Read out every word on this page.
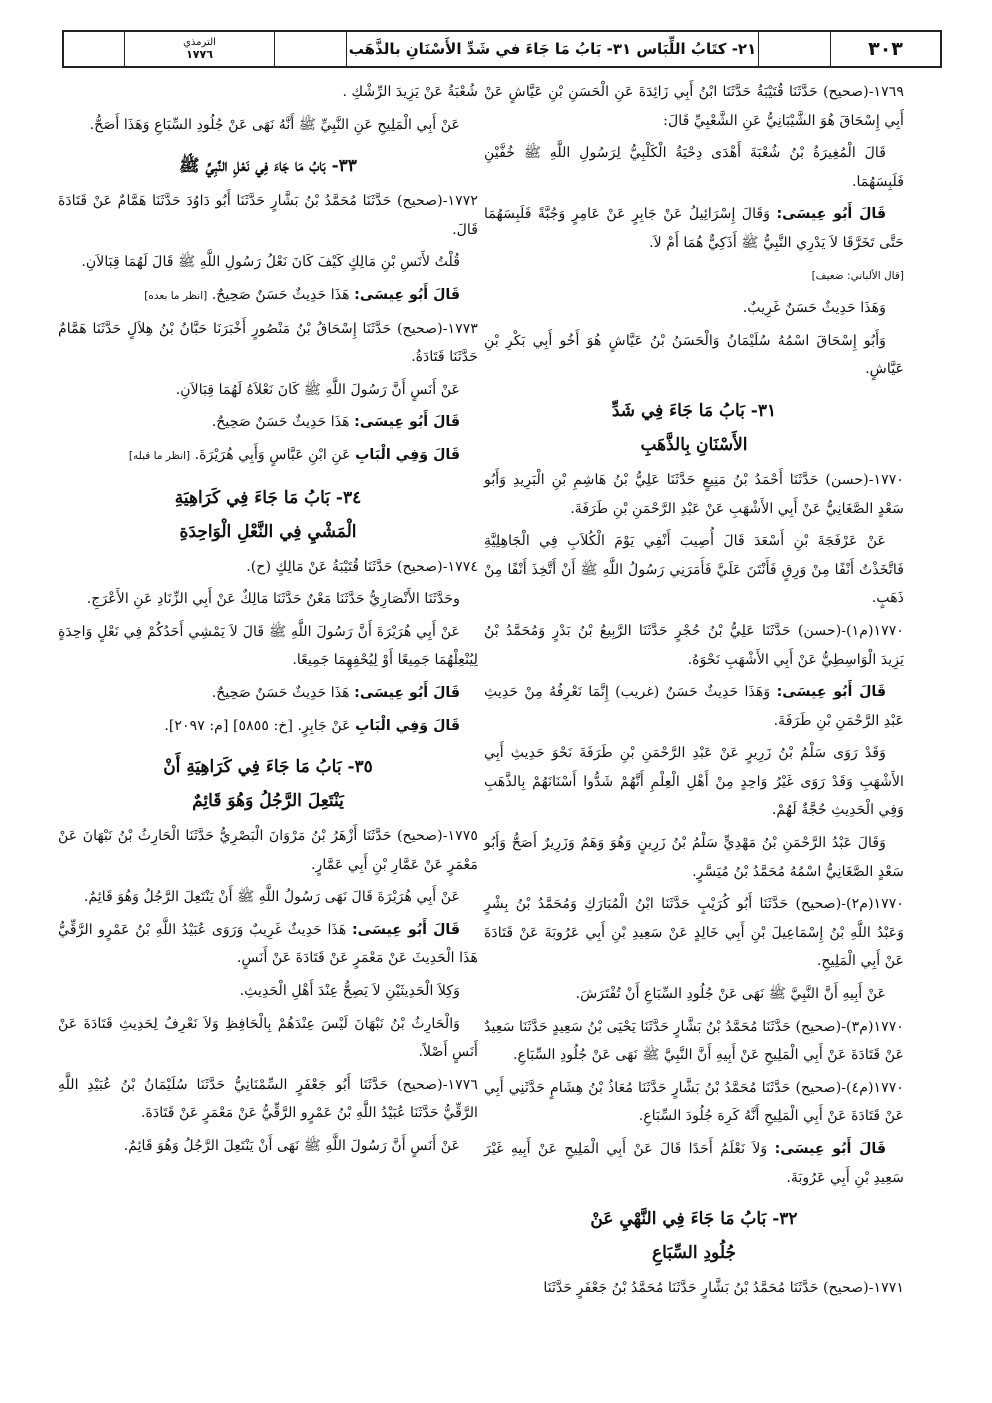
٣٠٣
٢١- كتَابُ اللِّبَاس ٣١- بَابُ مَا جَاءَ في شَدِّ الأَسْنَانِ بالذَّهَب
الترمذي
١٧٧٦

١٧٦٩-(صحيح) حَدَّثَنَا قُتَيْبَةُ حَدَّثَنَا ابْنُ أَبِي زَائِدَةَ عَنِ الْحَسَنِ بْنِ عَيَّاشٍ عَنْ أَبِي إِسْحَاقَ هُوَ الشَّيْبَانِيُّ عَنِ الشَّعْبِيِّ قَالَ:

قَالَ الْمُغِيرَةُ بْنُ شُعْبَةَ أَهْدَى دِحْيَةُ الْكَلْبِيُّ لِرَسُولِ اللَّهِ ﷺ خُفَّيْنِ فَلَبِسَهُمَا.

قَالَ أَبُو عِيسَى: وَقَالَ إِسْرَائِيلُ عَنْ جَابِرٍ عَنْ عَامِرٍ وَجُبَّةً فَلَبِسَهُمَا حَتَّى تَخَرَّقَا لاَ يَدْرِي النَّبِيُّ ﷺ أَذَكِيٌّ هُمَا أَمْ لاَ.

[قال الألباني: ضعيف]

وَهَذَا حَدِيثٌ حَسَنٌ غَرِيبٌ.

وَأَبُو إِسْحَاقَ اسْمُهُ سُلَيْمَانُ وَالْحَسَنُ بْنُ عَيَّاشٍ هُوَ أَخُو أَبِي بَكْرِ بْنِ عَيَّاشٍ.

٣١- بَابُ مَا جَاءَ فِي شَدِّ
الأَسْنَانِ بِالذَّهَبِ

١٧٧٠-(حسن) حَدَّثَنَا أَحْمَدُ بْنُ مَنِيعٍ حَدَّثَنَا عَلِيُّ بْنُ هَاشِمِ بْنِ الْبَرِيدِ وَأَبُو سَعْدٍ الصَّغَانِيُّ عَنْ أَبِي الأَشْهَبِ عَنْ عَبْدِ الرَّحْمَنِ بْنِ طَرَفَةَ.

عَنْ عَرْفَجَةَ بْنِ أَسْعَدَ قَالَ أُصِيبَ أَنْفِي يَوْمَ الْكُلاَبِ فِي الْجَاهِلِيَّةِ فَاتَّخَذْتُ أَنْفًا مِنْ وَرِقٍ فَأَنْتَنَ عَلَيَّ فَأَمَرَنِي رَسُولُ اللَّهِ ﷺ أَنْ أَتَّخِذَ أَنْفًا مِنْ ذَهَبٍ.

١٧٧٠(م١)-(حسن) حَدَّثَنَا عَلِيُّ بْنُ حُجْرٍ حَدَّثَنَا الرَّبِيعُ بْنُ بَدْرٍ وَمُحَمَّدُ بْنُ يَزِيدَ الْوَاسِطِيُّ عَنْ أَبِي الأَشْهَبِ نَحْوَهُ.

قَالَ أَبُو عِيسَى: وَهَذَا حَدِيثٌ حَسَنٌ (غريب) إِنَّمَا نَعْرِفُهُ مِنْ حَدِيثِ عَبْدِ الرَّحْمَنِ بْنِ طَرَفَةَ.

وَقَدْ رَوَى سَلْمُ بْنُ زَرِيرٍ عَنْ عَبْدِ الرَّحْمَنِ بْنِ طَرَفَةَ نَحْوَ حَدِيثِ أَبِي الأَشْهَبِ وَقَدْ رَوَى غَيْرُ وَاحِدٍ مِنْ أَهْلِ الْعِلْمِ أَنَّهُمْ شَدُّوا أَسْنَانَهُمْ بِالذَّهَبِ وَفِي الْحَدِيثِ حُجَّةٌ لَهُمْ.

وَقَالَ عَبْدُ الرَّحْمَنِ بْنُ مَهْدِيٍّ سَلْمُ بْنُ زَرِينٍ وَهُوَ وَهَمٌ وَزَرِيرٌ أَصَحُّ وَأَبُو سَعْدٍ الصَّغَانِيُّ اسْمُهُ مُحَمَّدُ بْنُ مُيَسَّرٍ.

١٧٧٠(م٢)-(صحيح) حَدَّثَنَا أَبُو كُرَيْبٍ حَدَّثَنَا ابْنُ الْمُبَارَكِ وَمُحَمَّدُ بْنُ بِشْرٍ وَعَبْدُ اللَّهِ بْنُ إِسْمَاعِيلَ بْنِ أَبِي خَالِدٍ عَنْ سَعِيدِ بْنِ أَبِي عَرُوبَةَ عَنْ قَتَادَةَ عَنْ أَبِي الْمَلِيحِ.

عَنْ أَبِيهِ أَنَّ النَّبِيَّ ﷺ نَهَى عَنْ جُلُودِ السِّبَاعِ أَنْ تُفْتَرَشَ.

١٧٧٠(م٣)-(صحيح) حَدَّثَنَا مُحَمَّدُ بْنُ بَشَّارٍ حَدَّثَنَا يَحْيَى بْنُ سَعِيدٍ حَدَّثَنَا سَعِيدٌ عَنْ قَتَادَةَ عَنْ أَبِي الْمَلِيحِ عَنْ أَبِيهِ أَنَّ النَّبِيَّ ﷺ نَهَى عَنْ جُلُودِ السِّبَاعِ.

١٧٧٠(م٤)-(صحيح) حَدَّثَنَا مُحَمَّدُ بْنُ بَشَّارٍ حَدَّثَنَا مُعَاذُ بْنُ هِشَامٍ حَدَّثَنِي أَبِي عَنْ قَتَادَةَ عَنْ أَبِي الْمَلِيحِ أَنَّهُ كَرِهَ جُلُودَ السِّبَاعِ.

قَالَ أَبُو عِيسَى: وَلاَ نَعْلَمُ أَحَدًا قَالَ عَنْ أَبِي الْمَلِيحِ عَنْ أَبِيهِ غَيْرَ سَعِيدِ بْنِ أَبِي عَرُوبَةَ.

٣٢- بَابُ مَا جَاءَ فِي النَّهْيِ عَنْ
جُلُودِ السِّبَاعِ

١٧٧١-(صحيح) حَدَّثَنَا مُحَمَّدُ بْنُ بَشَّارٍ حَدَّثَنَا مُحَمَّدُ بْنُ جَعْفَرٍ حَدَّثَنَا

شُعْبَةُ عَنْ يَزِيدَ الرِّشْكِ .

عَنْ أَبِي الْمَلِيحِ عَنِ النَّبِيِّ ﷺ أَنَّهُ نَهَى عَنْ جُلُودِ السِّبَاعِ وَهَذَا أَصَحُّ.

٣٣- بَابُ مَا جَاءَ فِي نَعْلِ النَّبِيِّ ﷺ

١٧٧٢-(صحيح) حَدَّثَنَا مُحَمَّدُ بْنُ بَشَّارٍ حَدَّثَنَا أَبُو دَاوُدَ حَدَّثَنَا هَمَّامٌ عَنْ قَتَادَةَ قَالَ.

قُلْتُ لأَنَسِ بْنِ مَالِكٍ كَيْفَ كَانَ نَعْلُ رَسُولِ اللَّهِ ﷺ قَالَ لَهُمَا قِبَالاَنِ.

قَالَ أَبُو عِيسَى: هَذَا حَدِيثٌ حَسَنٌ صَحِيحٌ. [انظر ما بعده]

١٧٧٣-(صحيح) حَدَّثَنَا إِسْحَاقُ بْنُ مَنْصُورٍ أَخْبَرَنَا حَبَّانُ بْنُ هِلاَلٍ حَدَّثَنَا هَمَّامٌ حَدَّثَنَا قَتَادَةُ.

عَنْ أَنَسٍ أَنَّ رَسُولَ اللَّهِ ﷺ كَانَ نَعْلاَهُ لَهُمَا قِبَالاَنِ.

قَالَ أَبُو عِيسَى: هَذَا حَدِيثٌ حَسَنٌ صَحِيحٌ.

قَالَ وَفِي الْبَابِ عَنِ ابْنِ عَبَّاسٍ وَأَبِي هُرَيْرَةَ. [انظر ما قبله]

٣٤- بَابُ مَا جَاءَ فِي كَرَاهِيَةِ
الْمَشْيِ فِي النَّعْلِ الْوَاحِدَةِ

١٧٧٤-(صحيح) حَدَّثَنَا قُتَيْبَةُ عَنْ مَالِكٍ (ح).

وحَدَّثَنَا الأَنْصَارِيُّ حَدَّثَنَا مَعْنٌ حَدَّثَنَا مَالِكٌ عَنْ أَبِي الزِّنَادِ عَنِ الأَعْرَجِ.

عَنْ أَبِي هُرَيْرَةَ أَنَّ رَسُولَ اللَّهِ ﷺ قَالَ لاَ يَمْشِي أَحَدُكُمْ فِي نَعْلٍ وَاحِدَةٍ لِيُنْعِلْهُمَا جَمِيعًا أَوْ لِيُحْفِهِمَا جَمِيعًا.

قَالَ أَبُو عِيسَى: هَذَا حَدِيثٌ حَسَنٌ صَحِيحٌ.

قَالَ وَفِي الْبَابِ عَنْ جَابِرٍ. [خ: ٥٨٥٥] [م: ٢٠٩٧].

٣٥- بَابُ مَا جَاءَ فِي كَرَاهِيَةِ أَنْ
يَنْتَعِلَ الرَّجُلُ وَهُوَ قَائِمٌ

١٧٧٥-(صحيح) حَدَّثَنَا أَزْهَرُ بْنُ مَرْوَانَ الْبَصْرِيُّ حَدَّثَنَا الْحَارِثُ بْنُ نَبْهَانَ عَنْ مَعْمَرٍ عَنْ عَمَّارِ بْنِ أَبِي عَمَّارٍ.

عَنْ أَبِي هُرَيْرَةَ قَالَ نَهَى رَسُولُ اللَّهِ ﷺ أَنْ يَنْتَعِلَ الرَّجُلُ وَهُوَ قَائِمٌ.

قَالَ أَبُو عِيسَى: هَذَا حَدِيثٌ غَرِيبٌ وَرَوَى عُبَيْدُ اللَّهِ بْنُ عَمْرٍو الرَّقِّيُّ هَذَا الْحَدِيثَ عَنْ مَعْمَرٍ عَنْ قَتَادَةَ عَنْ أَنَسٍ.

وَكِلاَ الْحَدِيثَيْنِ لاَ يَصِحُّ عِنْدَ أَهْلِ الْحَدِيثِ.

وَالْحَارِثُ بْنُ نَبْهَانَ لَيْسَ عِنْدَهُمْ بِالْحَافِظِ وَلاَ نَعْرِفُ لِحَدِيثِ قَتَادَةَ عَنْ أَنَسٍ أَصْلاً.

١٧٧٦-(صحيح) حَدَّثَنَا أَبُو جَعْفَرٍ السِّمْنَانِيُّ حَدَّثَنَا سُلَيْمَانُ بْنُ عُبَيْدِ اللَّهِ الرَّقِّيُّ حَدَّثَنَا عُبَيْدُ اللَّهِ بْنُ عَمْرٍو الرَّقِّيُّ عَنْ مَعْمَرٍ عَنْ قَتَادَةَ.

عَنْ أَنَسٍ أَنَّ رَسُولَ اللَّهِ ﷺ نَهَى أَنْ يَنْتَعِلَ الرَّجُلُ وَهُوَ قَائِمٌ.
